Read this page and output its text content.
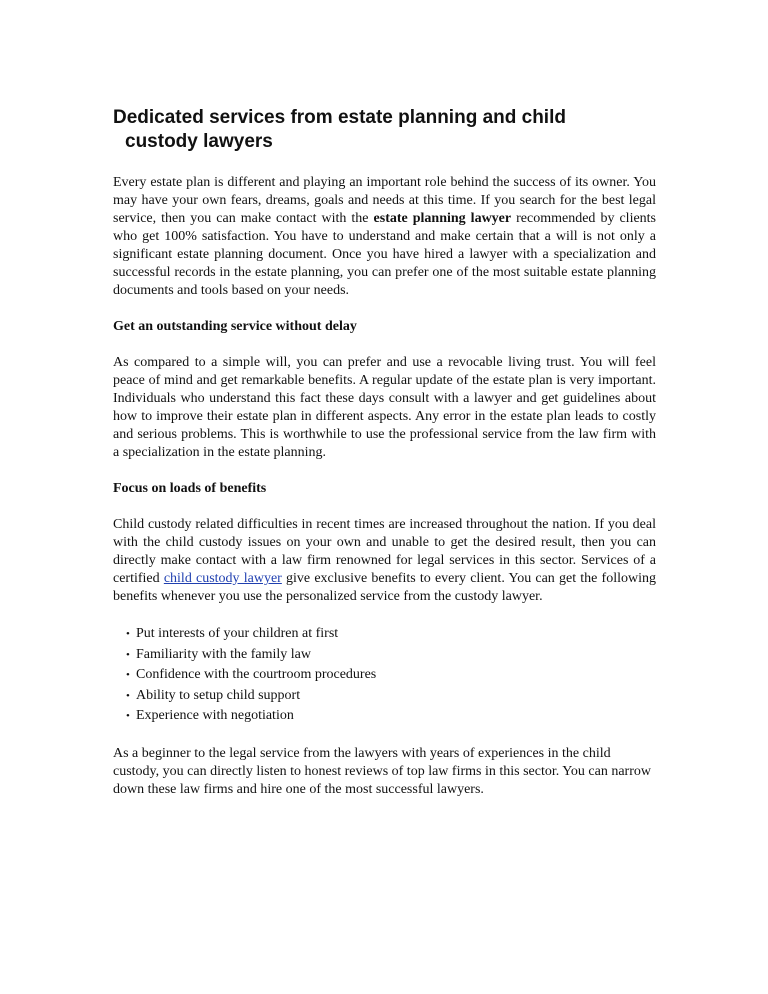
Dedicated services from estate planning and child
custody lawyers

Every estate plan is different and playing an important role behind the success of its owner. You may have your own fears, dreams, goals and needs at this time. If you search for the best legal service, then you can make contact with the estate planning lawyer recommended by clients who get 100% satisfaction. You have to understand and make certain that a will is not only a significant estate planning document. Once you have hired a lawyer with a specialization and successful records in the estate planning, you can prefer one of the most suitable estate planning documents and tools based on your needs.

Get an outstanding service without delay

As compared to a simple will, you can prefer and use a revocable living trust. You will feel peace of mind and get remarkable benefits. A regular update of the estate plan is very important. Individuals who understand this fact these days consult with a lawyer and get guidelines about how to improve their estate plan in different aspects. Any error in the estate plan leads to costly and serious problems. This is worthwhile to use the professional service from the law firm with a specialization in the estate planning.

Focus on loads of benefits

Child custody related difficulties in recent times are increased throughout the nation. If you deal with the child custody issues on your own and unable to get the desired result, then you can directly make contact with a law firm renowned for legal services in this sector. Services of a certified child custody lawyer give exclusive benefits to every client. You can get the following benefits whenever you use the personalized service from the custody lawyer.

• Put interests of your children at first
• Familiarity with the family law
• Confidence with the courtroom procedures
• Ability to setup child support
• Experience with negotiation

As a beginner to the legal service from the lawyers with years of experiences in the child custody, you can directly listen to honest reviews of top law firms in this sector. You can narrow down these law firms and hire one of the most successful lawyers.
